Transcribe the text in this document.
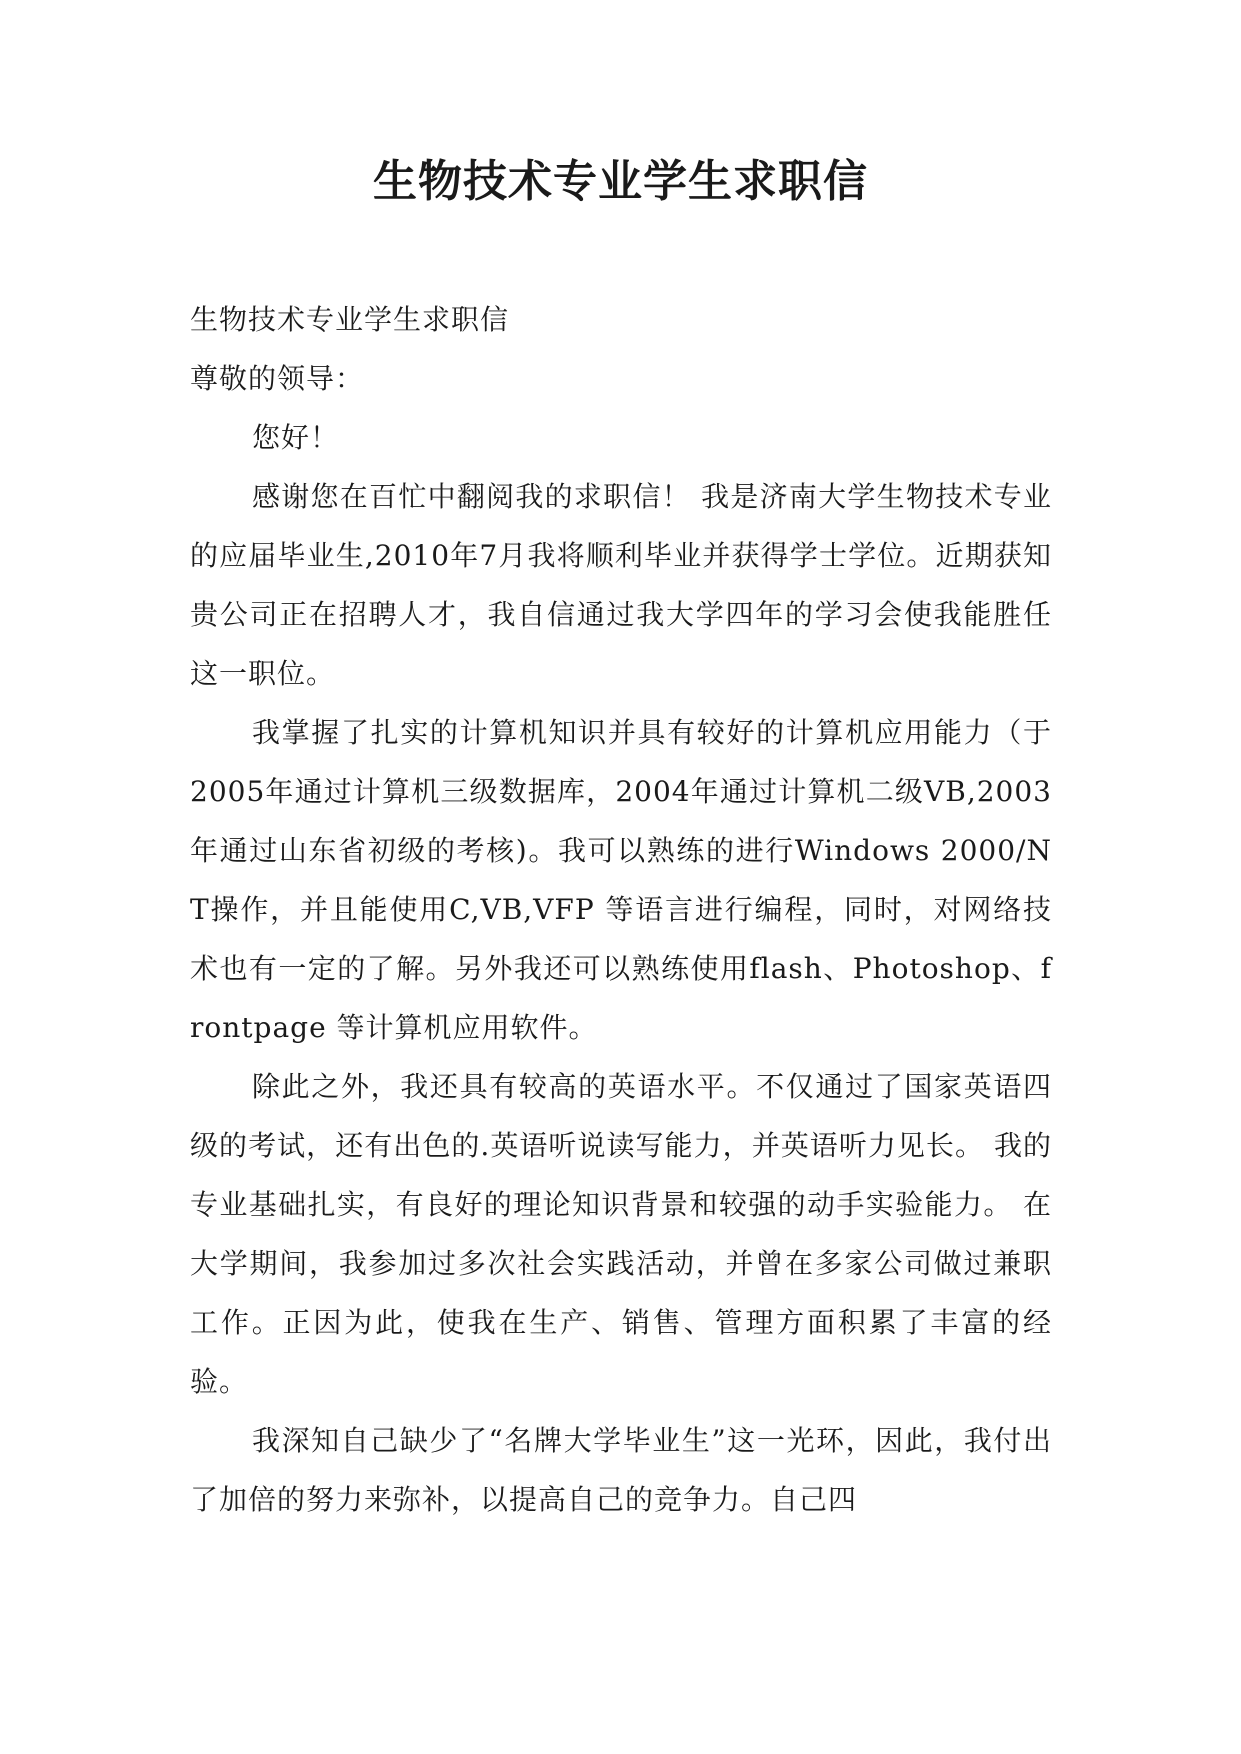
生物技术专业学生求职信

生物技术专业学生求职信

尊敬的领导：

您好！

感谢您在百忙中翻阅我的求职信！ 我是济南大学生物技术专业的应届毕业生,2010年7月我将顺利毕业并获得学士学位。近期获知贵公司正在招聘人才，我自信通过我大学四年的学习会使我能胜任这一职位。

我掌握了扎实的计算机知识并具有较好的计算机应用能力（于2005年通过计算机三级数据库，2004年通过计算机二级VB,2003年通过山东省初级的考核)。我可以熟练的进行Windows 2000/NT操作，并且能使用C,VB,VFP 等语言进行编程，同时，对网络技术也有一定的了解。另外我还可以熟练使用flash、Photoshop、frontpage 等计算机应用软件。

除此之外，我还具有较高的英语水平。不仅通过了国家英语四级的考试，还有出色的.英语听说读写能力，并英语听力见长。 我的专业基础扎实，有良好的理论知识背景和较强的动手实验能力。 在大学期间，我参加过多次社会实践活动，并曾在多家公司做过兼职工作。正因为此，使我在生产、销售、管理方面积累了丰富的经验。

我深知自己缺少了“名牌大学毕业生”这一光环，因此，我付出了加倍的努力来弥补，以提高自己的竞争力。自己四
